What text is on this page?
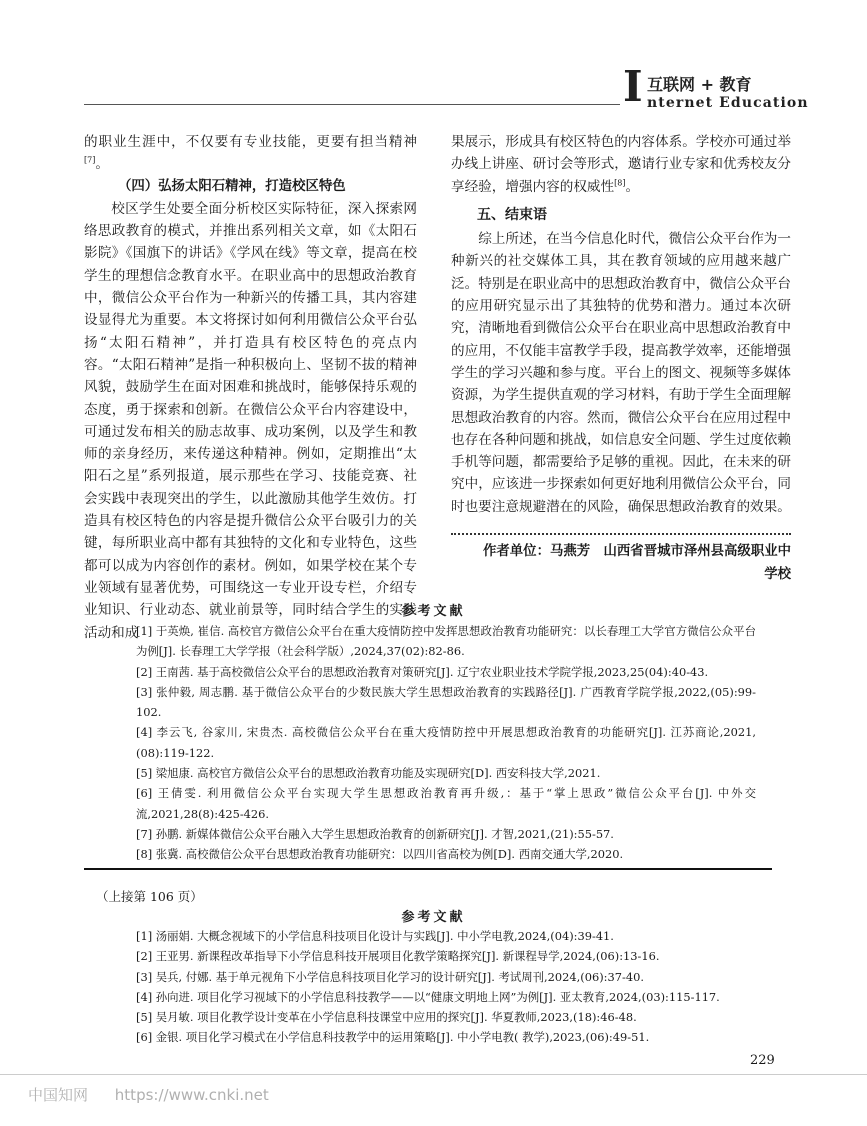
I 互联网 + 教育
nternet Education

的职业生涯中，不仅要有专业技能，更要有担当精神[7]。

（四）弘扬太阳石精神，打造校区特色

校区学生处要全面分析校区实际特征，深入探索网络思政教育的模式，并推出系列相关文章，如《太阳石影院》《国旗下的讲话》《学风在线》等文章，提高在校学生的理想信念教育水平。在职业高中的思想政治教育中，微信公众平台作为一种新兴的传播工具，其内容建设显得尤为重要。本文将探讨如何利用微信公众平台弘扬“太阳石精神”，并打造具有校区特色的亮点内容。“太阳石精神”是指一种积极向上、坚韧不拔的精神风貌，鼓励学生在面对困难和挑战时，能够保持乐观的态度，勇于探索和创新。在微信公众平台内容建设中，可通过发布相关的励志故事、成功案例，以及学生和教师的亲身经历，来传递这种精神。例如，定期推出“太阳石之星”系列报道，展示那些在学习、技能竞赛、社会实践中表现突出的学生，以此激励其他学生效仿。打造具有校区特色的内容是提升微信公众平台吸引力的关键，每所职业高中都有其独特的文化和专业特色，这些都可以成为内容创作的素材。例如，如果学校在某个专业领域有显著优势，可围绕这一专业开设专栏，介绍专业知识、行业动态、就业前景等，同时结合学生的实践活动和成

果展示，形成具有校区特色的内容体系。学校亦可通过举办线上讲座、研讨会等形式，邀请行业专家和优秀校友分享经验，增强内容的权威性[8]。

五、结束语

综上所述，在当今信息化时代，微信公众平台作为一种新兴的社交媒体工具，其在教育领域的应用越来越广泛。特别是在职业高中的思想政治教育中，微信公众平台的应用研究显示出了其独特的优势和潜力。通过本次研究，清晰地看到微信公众平台在职业高中思想政治教育中的应用，不仅能丰富教学手段，提高教学效率，还能增强学生的学习兴趣和参与度。平台上的图文、视频等多媒体资源，为学生提供直观的学习材料，有助于学生全面理解思想政治教育的内容。然而，微信公众平台在应用过程中也存在各种问题和挑战，如信息安全问题、学生过度依赖手机等问题，都需要给予足够的重视。因此，在未来的研究中，应该进一步探索如何更好地利用微信公众平台，同时也要注意规避潜在的风险，确保思想政治教育的效果。

作者单位：马燕芳　山西省晋城市泽州县高级职业中
学校
参考文献
[1] 于英焕, 崔信. 高校官方微信公众平台在重大疫情防控中发挥思想政治教育功能研究：以长春理工大学官方微信公众平台为例[J]. 长春理工大学学报（社会科学版）,2024,37(02):82-86.
[2] 王南茜. 基于高校微信公众平台的思想政治教育对策研究[J]. 辽宁农业职业技术学院学报,2023,25(04):40-43.
[3] 张仲毅, 周志鹏. 基于微信公众平台的少数民族大学生思想政治教育的实践路径[J]. 广西教育学院学报,2022,(05):99-102.
[4] 李云飞, 谷家川, 宋贵杰. 高校微信公众平台在重大疫情防控中开展思想政治教育的功能研究[J]. 江苏商论,2021,(08):119-122.
[5] 梁旭康. 高校官方微信公众平台的思想政治教育功能及实现研究[D]. 西安科技大学,2021.
[6] 王倩雯. 利用微信公众平台实现大学生思想政治教育再升级,：基于“掌上思政”微信公众平台[J]. 中外交流,2021,28(8):425-426.
[7] 孙鹏. 新媒体微信公众平台融入大学生思想政治教育的创新研究[J]. 才智,2021,(21):55-57.
[8] 张冀. 高校微信公众平台思想政治教育功能研究：以四川省高校为例[D]. 西南交通大学,2020.
（上接第 106 页）
参考文献
[1] 汤丽娟. 大概念视域下的小学信息科技项目化设计与实践[J]. 中小学电教,2024,(04):39-41.
[2] 王亚男. 新课程改革指导下小学信息科技开展项目化教学策略探究[J]. 新课程导学,2024,(06):13-16.
[3] 吴兵, 付娜. 基于单元视角下小学信息科技项目化学习的设计研究[J]. 考试周刊,2024,(06):37-40.
[4] 孙向进. 项目化学习视域下的小学信息科技教学——以“健康文明地上网”为例[J]. 亚太教育,2024,(03):115-117.
[5] 吴月敏. 项目化教学设计变革在小学信息科技课堂中应用的探究[J]. 华夏教师,2023,(18):46-48.
[6] 金银. 项目化学习模式在小学信息科技教学中的运用策略[J]. 中小学电教( 教学),2023,(06):49-51.
229
中国知网 https://www.cnki.net
